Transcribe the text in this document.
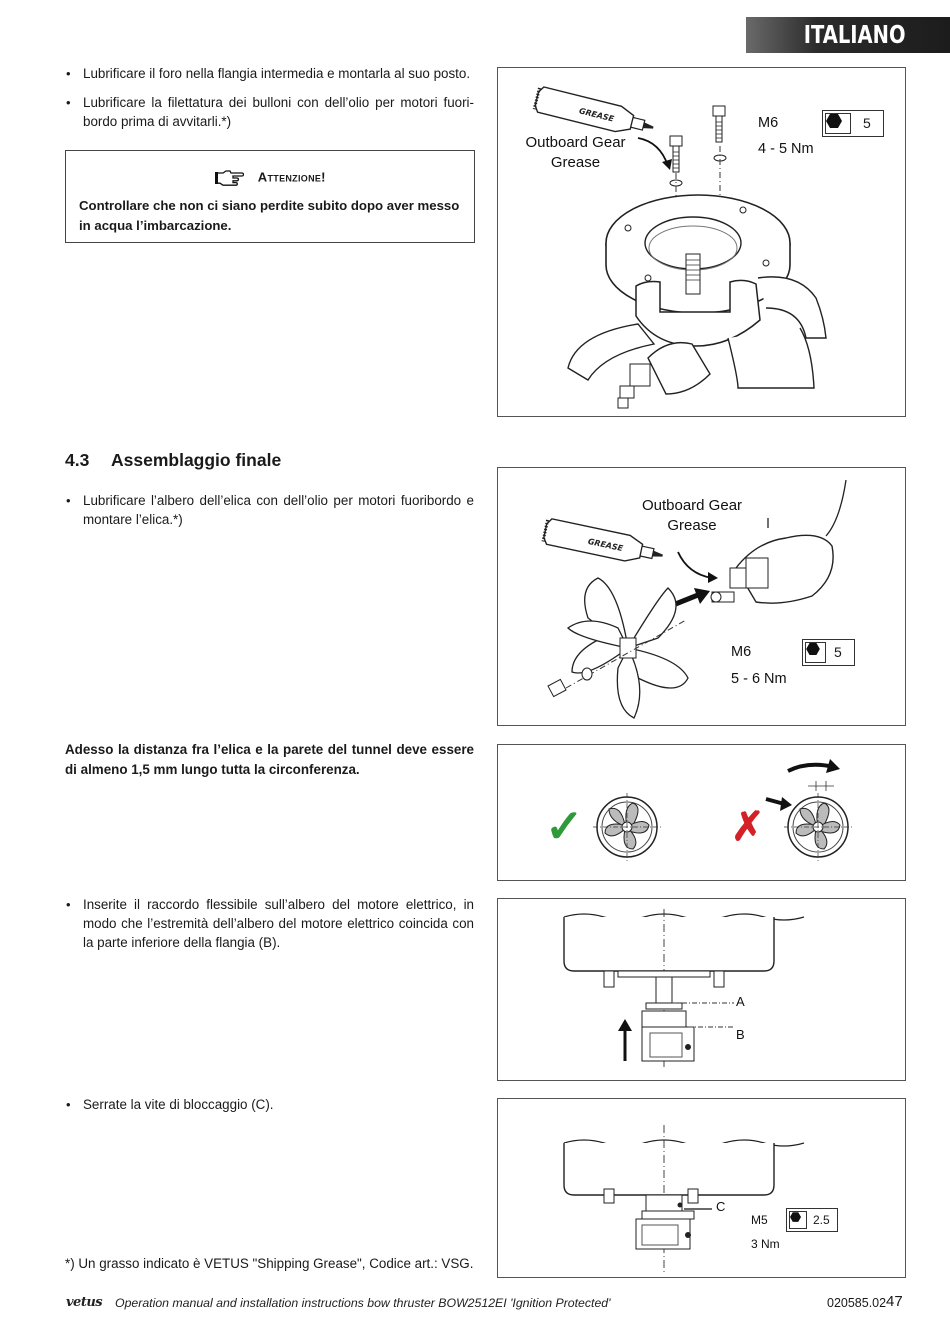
ITALIANO
• Lubrificare il foro nella flangia intermedia e montarla al suo posto.
• Lubrificare la filettatura dei bulloni con dell’olio per motori fuori-bordo prima di avvitarli.*)
Attenzione!
Controllare che non ci siano perdite subito dopo aver messo in acqua l’imbarcazione.
GREASE
Outboard Gear
Grease
M6
4 - 5 Nm
5
4.3 Assemblaggio finale
• Lubrificare l’albero dell’elica con dell’olio per motori fuoribordo e montare l’elica.*)
GREASE
Outboard Gear
Grease
M6
5 - 6 Nm
5
Adesso la distanza fra l’elica e la parete del tunnel deve essere di almeno 1,5 mm lungo tutta la circonferenza.
✓	✗
• Inserite il raccordo flessibile sull’albero del motore elettrico, in modo che l’estremità dell’albero del motore elettrico coincida con la parte inferiore della flangia (B).
A
B
• Serrate la vite di bloccaggio (C).
C
M5
3 Nm
2.5
*) Un grasso indicato è VETUS "Shipping Grease", Codice art.: VSG.
vetus Operation manual and installation instructions bow thruster BOW2512EI 'Ignition Protected'	020585.02 47
